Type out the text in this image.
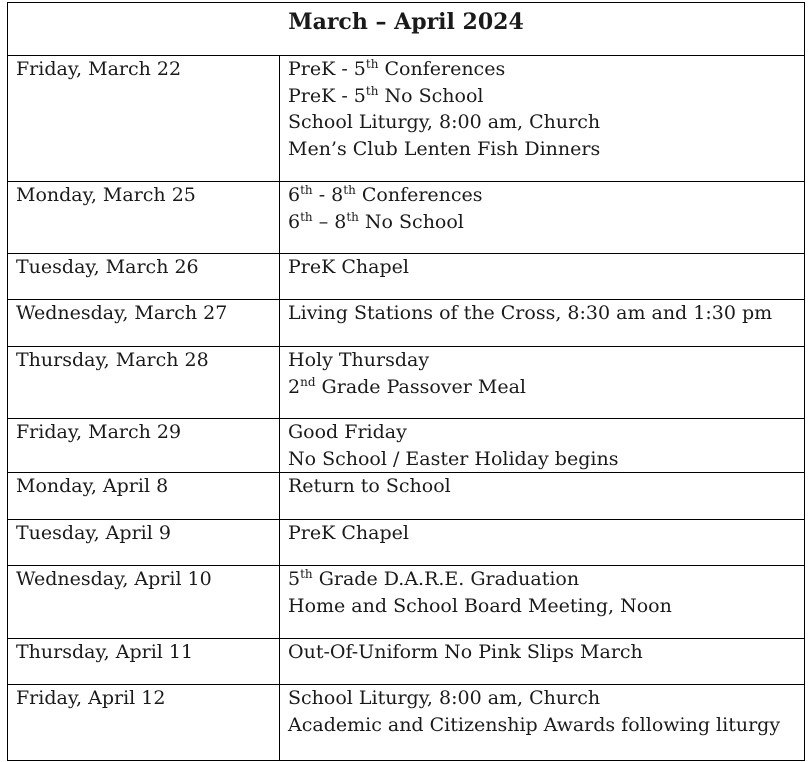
March – April 2024	
Friday, March 22	PreK - 5th Conferences
PreK - 5th No School
School Liturgy, 8:00 am, Church
Men’s Club Lenten Fish Dinners

Monday, March 25	6th - 8th Conferences
6th – 8th No School

Tuesday, March 26	PreK Chapel

Wednesday, March 27	Living Stations of the Cross, 8:30 am and 1:30 pm

Thursday, March 28	Holy Thursday
2nd Grade Passover Meal

Friday, March 29	Good Friday
No School / Easter Holiday begins

Monday, April 8	Return to School

Tuesday, April 9	PreK Chapel

Wednesday, April 10	5th Grade D.A.R.E. Graduation
Home and School Board Meeting, Noon

Thursday, April 11	Out-Of-Uniform No Pink Slips March

Friday, April 12	School Liturgy, 8:00 am, Church
Academic and Citizenship Awards following liturgy
